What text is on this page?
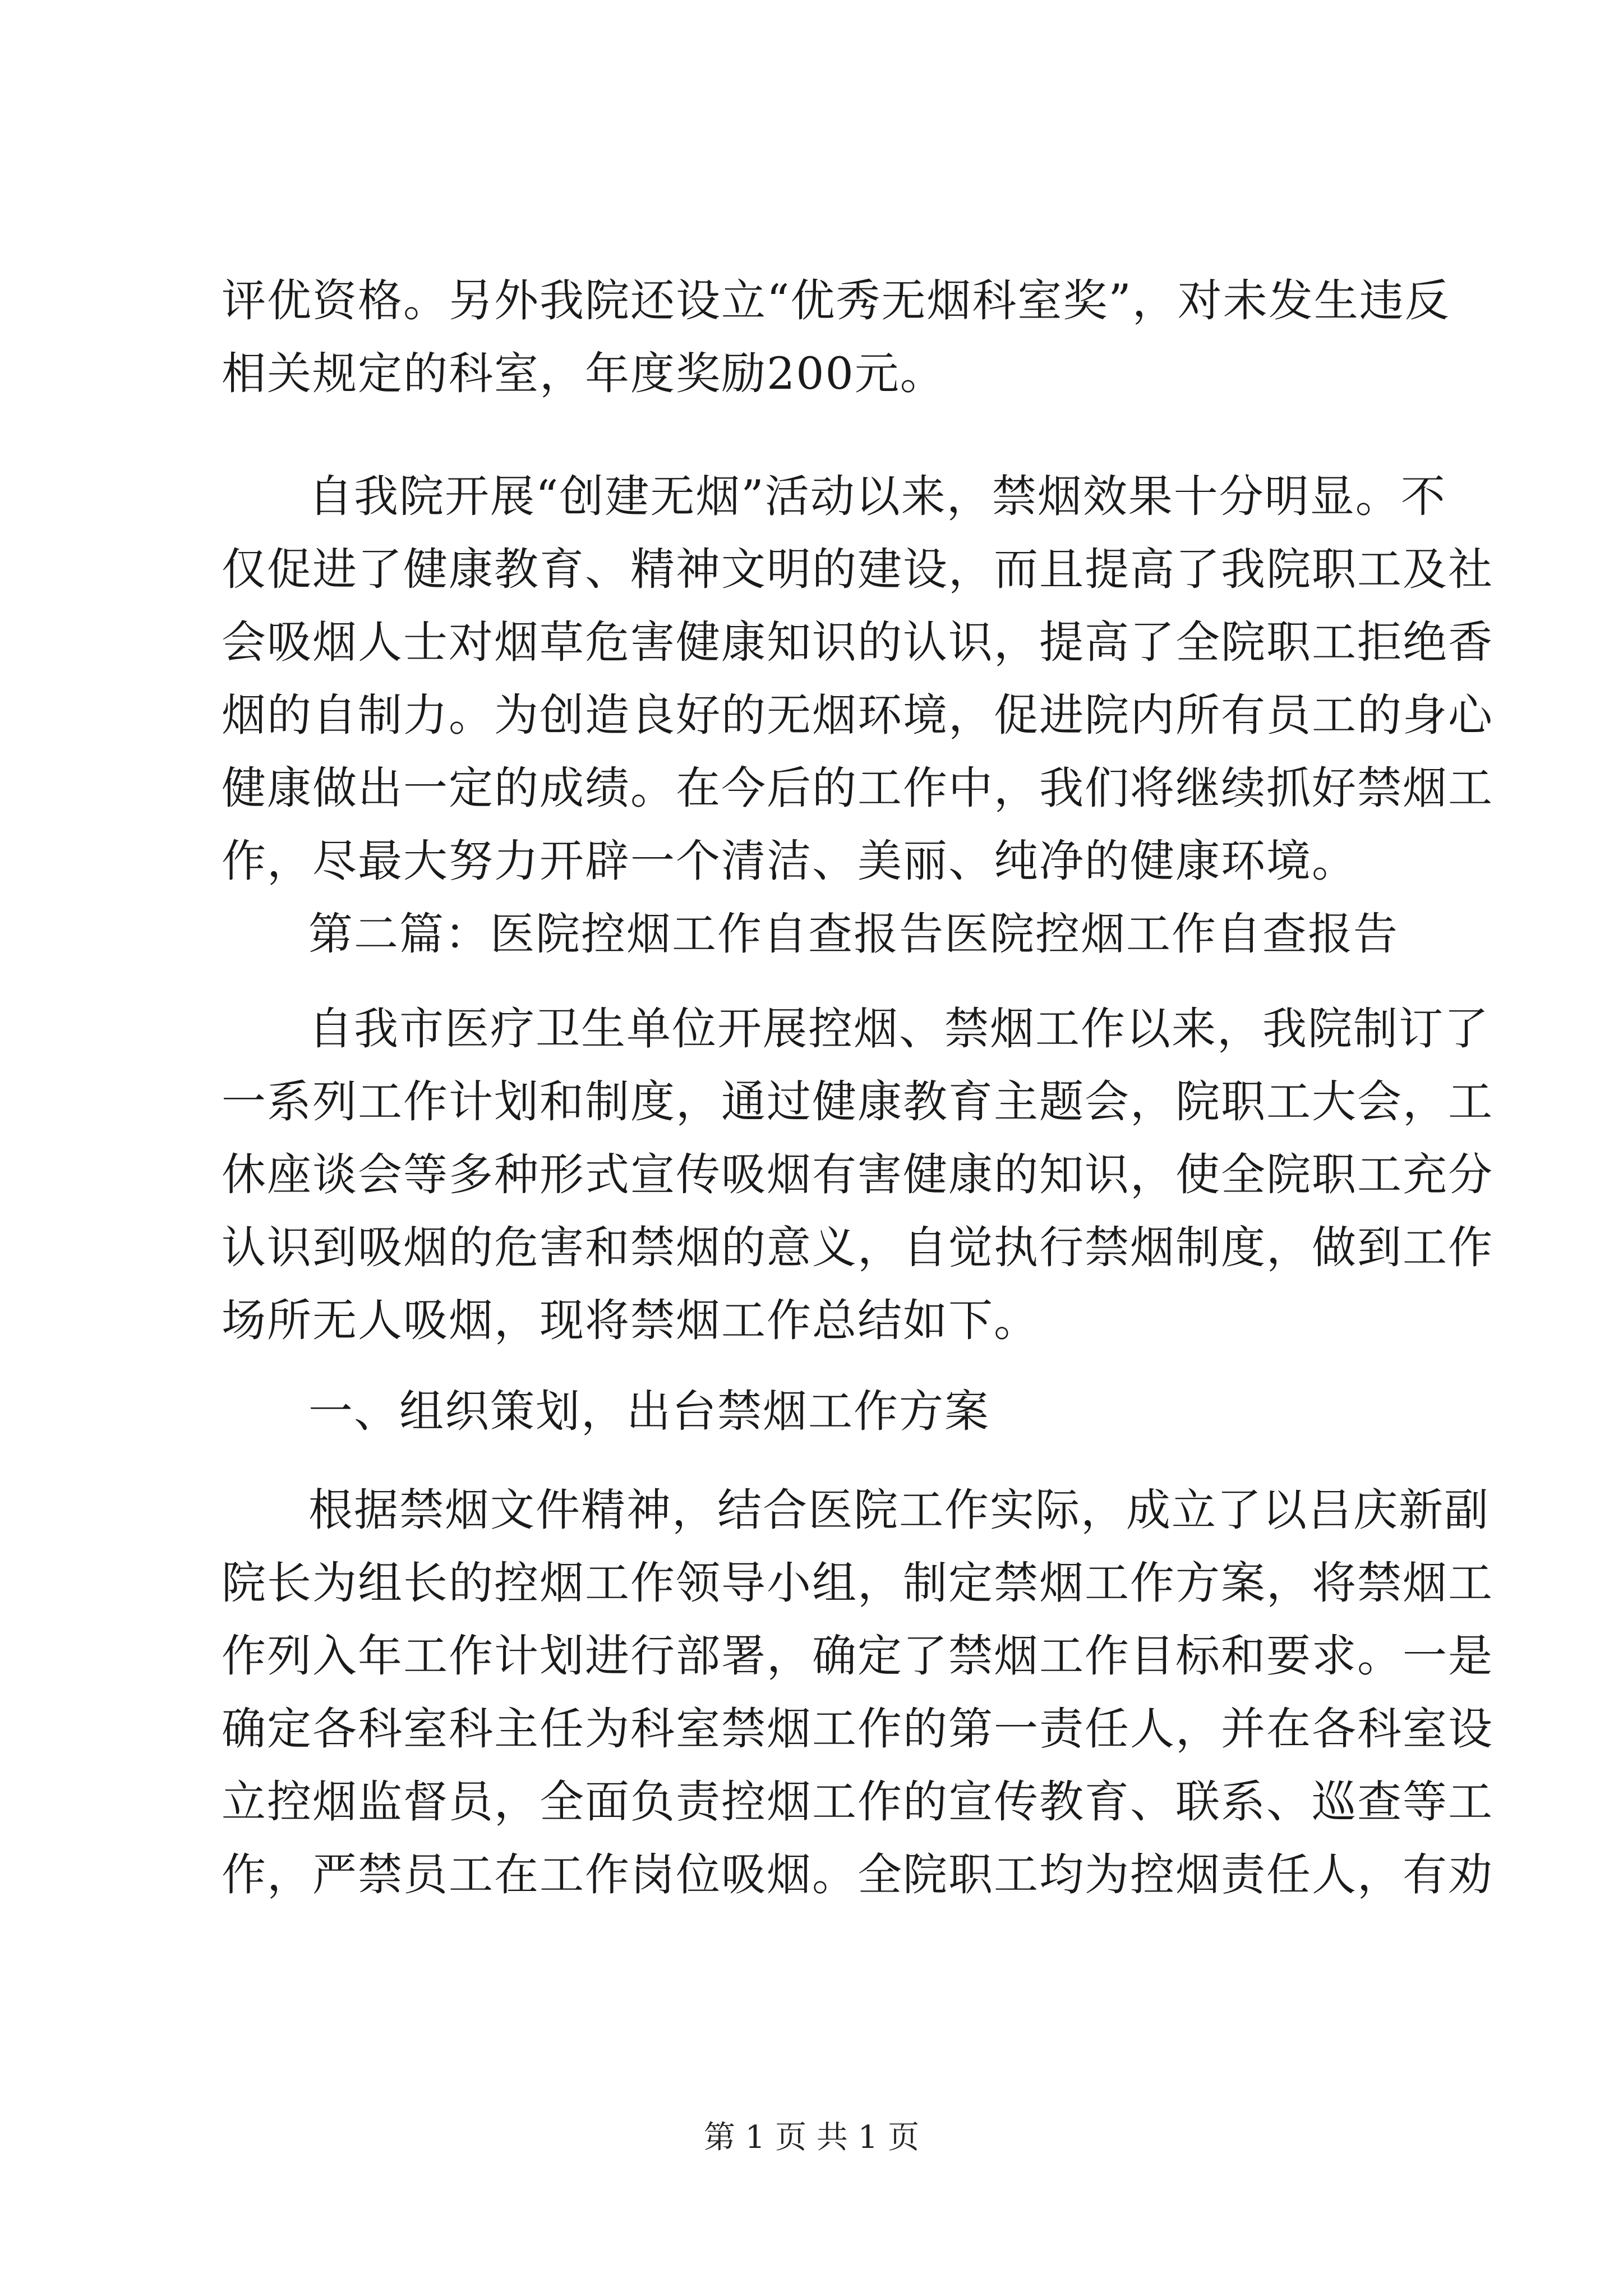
评优资格。另外我院还设立“优秀无烟科室奖”，对未发生违反
相关规定的科室，年度奖励200元。
自我院开展“创建无烟”活动以来，禁烟效果十分明显。不
仅促进了健康教育、精神文明的建设，而且提高了我院职工及社
会吸烟人士对烟草危害健康知识的认识，提高了全院职工拒绝香
烟的自制力。为创造良好的无烟环境，促进院内所有员工的身心
健康做出一定的成绩。在今后的工作中，我们将继续抓好禁烟工
作，尽最大努力开辟一个清洁、美丽、纯净的健康环境。
第二篇：医院控烟工作自查报告医院控烟工作自查报告
自我市医疗卫生单位开展控烟、禁烟工作以来，我院制订了
一系列工作计划和制度，通过健康教育主题会，院职工大会，工
休座谈会等多种形式宣传吸烟有害健康的知识，使全院职工充分
认识到吸烟的危害和禁烟的意义，自觉执行禁烟制度，做到工作
场所无人吸烟，现将禁烟工作总结如下。
一、组织策划，出台禁烟工作方案
根据禁烟文件精神，结合医院工作实际，成立了以吕庆新副
院长为组长的控烟工作领导小组，制定禁烟工作方案，将禁烟工
作列入年工作计划进行部署，确定了禁烟工作目标和要求。一是
确定各科室科主任为科室禁烟工作的第一责任人，并在各科室设
立控烟监督员，全面负责控烟工作的宣传教育、联系、巡查等工
作，严禁员工在工作岗位吸烟。全院职工均为控烟责任人，有劝
第 1 页 共 1 页
